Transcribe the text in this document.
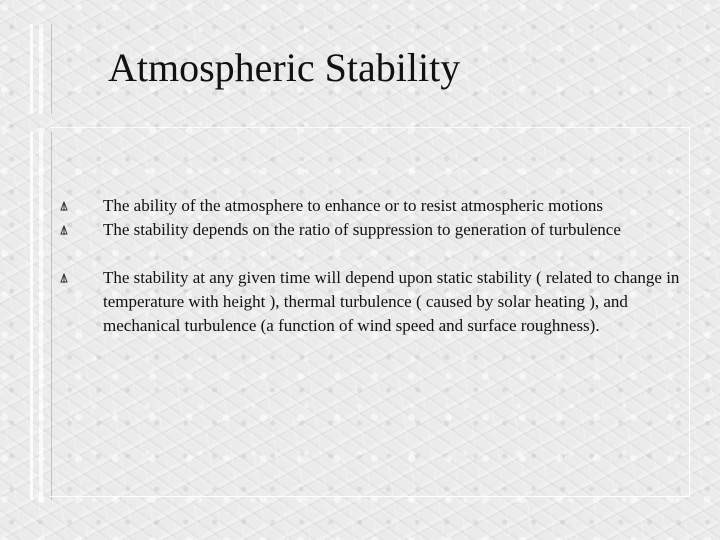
Atmospheric Stability
The ability of the atmosphere to enhance or to resist atmospheric motions
The stability depends on the ratio of suppression to generation of turbulence
The stability at any given time will depend upon static stability ( related to change in temperature with height ), thermal turbulence ( caused by solar heating ), and mechanical turbulence (a function of wind speed and surface roughness).
